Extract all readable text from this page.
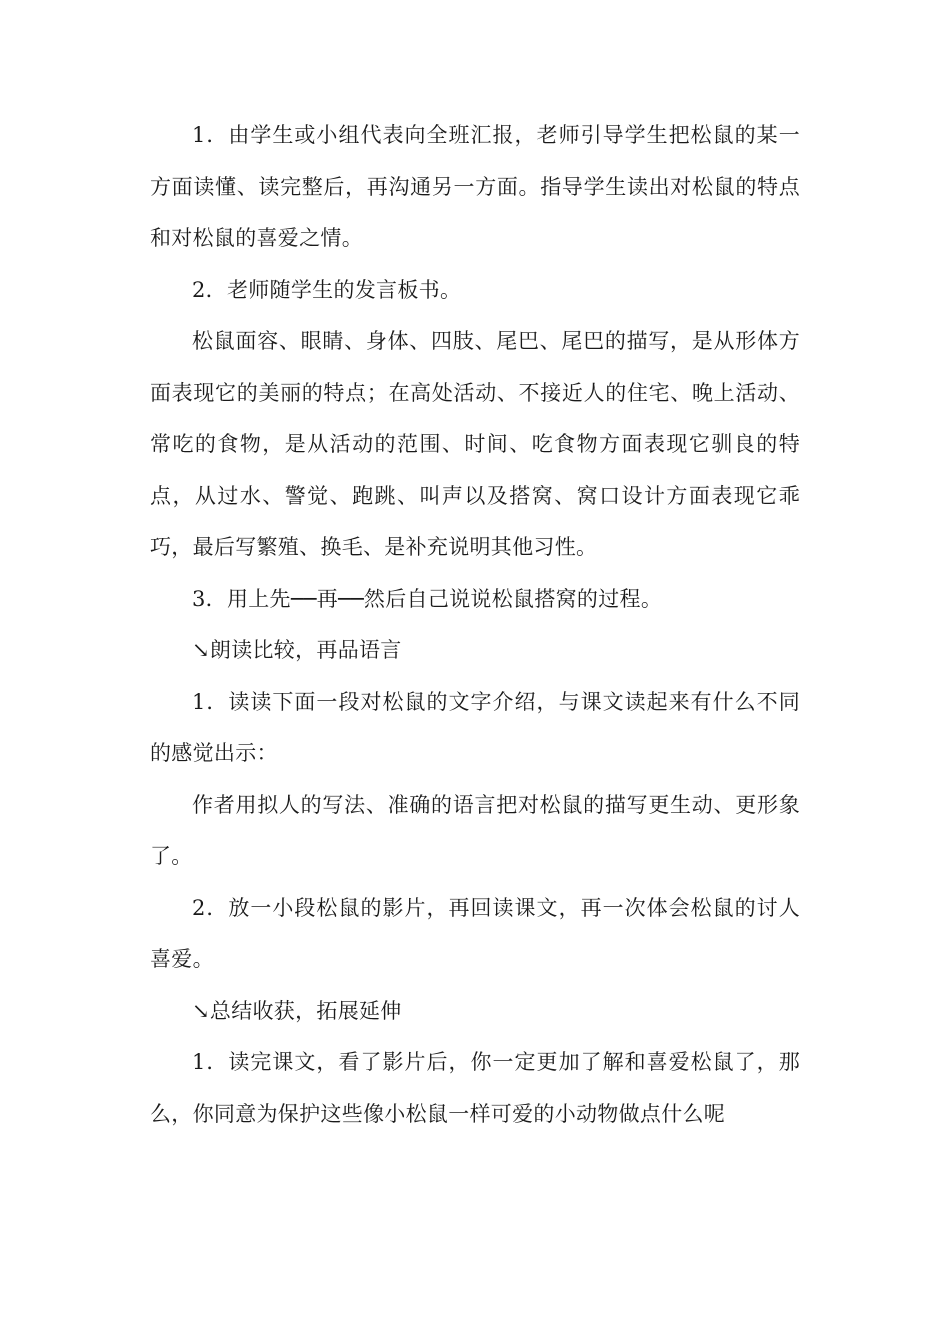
1．由学生或小组代表向全班汇报，老师引导学生把松鼠的某一方面读懂、读完整后，再沟通另一方面。指导学生读出对松鼠的特点和对松鼠的喜爱之情。

2．老师随学生的发言板书。

松鼠面容、眼睛、身体、四肢、尾巴、尾巴的描写，是从形体方面表现它的美丽的特点；在高处活动、不接近人的住宅、晚上活动、常吃的食物，是从活动的范围、时间、吃食物方面表现它驯良的特点，从过水、警觉、跑跳、叫声以及搭窝、窝口设计方面表现它乖巧，最后写繁殖、换毛、是补充说明其他习性。

3．用上先──再──然后自己说说松鼠搭窝的过程。

↘朗读比较，再品语言

1．读读下面一段对松鼠的文字介绍，与课文读起来有什么不同的感觉出示：

作者用拟人的写法、准确的语言把对松鼠的描写更生动、更形象了。

2．放一小段松鼠的影片，再回读课文，再一次体会松鼠的讨人喜爱。

↘总结收获，拓展延伸

1．读完课文，看了影片后，你一定更加了解和喜爱松鼠了，那么，你同意为保护这些像小松鼠一样可爱的小动物做点什么呢
